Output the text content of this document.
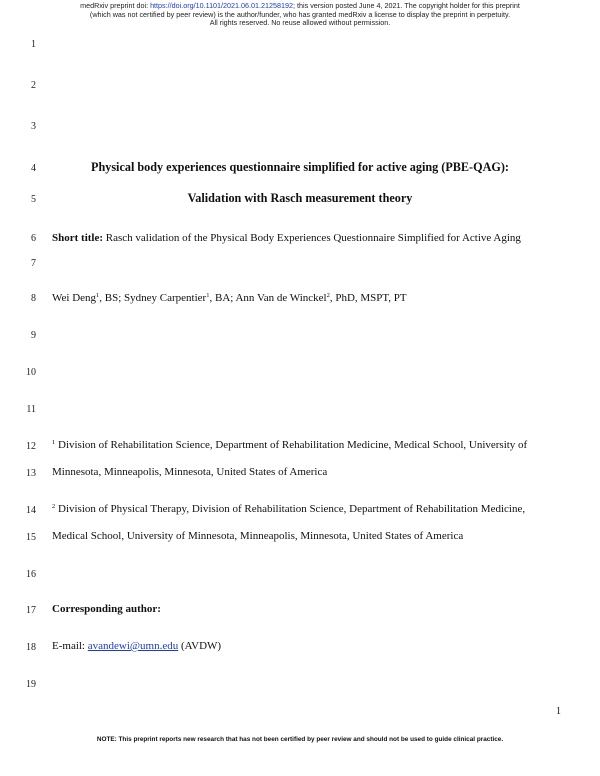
medRxiv preprint doi: https://doi.org/10.1101/2021.06.01.21258192; this version posted June 4, 2021. The copyright holder for this preprint
(which was not certified by peer review) is the author/funder, who has granted medRxiv a license to display the preprint in perpetuity.
All rights reserved. No reuse allowed without permission.
1
2
3
4
5
6
7
8
9
10
11
12
13
14
15
16
17
18
19
Physical body experiences questionnaire simplified for active aging (PBE-QAG):
Validation with Rasch measurement theory
Short title: Rasch validation of the Physical Body Experiences Questionnaire Simplified for Active Aging
Wei Deng$^1$, BS; Sydney Carpentier$^1$, BA; Ann Van de Winckel$^2$, PhD, MSPT, PT
$^1$ Division of Rehabilitation Science, Department of Rehabilitation Medicine, Medical School, University of
Minnesota, Minneapolis, Minnesota, United States of America
$^2$ Division of Physical Therapy, Division of Rehabilitation Science, Department of Rehabilitation Medicine,
Medical School, University of Minnesota, Minneapolis, Minnesota, United States of America
Corresponding author:
E-mail: avandewi@umn.edu (AVDW)
1
NOTE: This preprint reports new research that has not been certified by peer review and should not be used to guide clinical practice.
